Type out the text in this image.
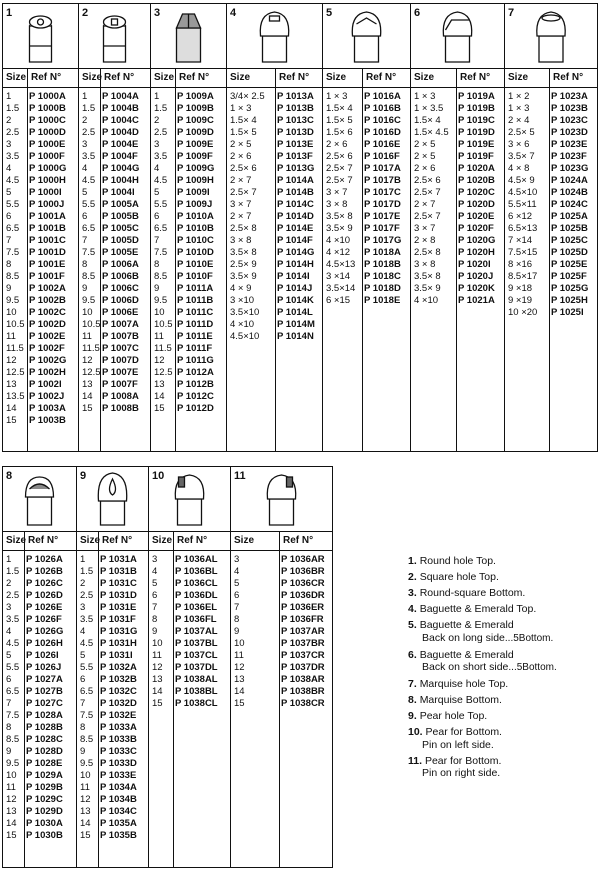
1
Size Ref N°
1 P 1000A
1.5 P 1000B
2 P 1000C
2.5 P 1000D
3 P 1000E
3.5 P 1000F
4 P 1000G
4.5 P 1000H
5 P 1000I
5.5 P 1000J
6 P 1001A
6.5 P 1001B
7 P 1001C
7.5 P 1001D
8 P 1001E
8.5 P 1001F
9 P 1002A
9.5 P 1002B
10 P 1002C
10.5 P 1002D
11 P 1002E
11.5 P 1002F
12 P 1002G
12.5 P 1002H
13 P 1002I
13.5 P 1002J
14 P 1003A
15 P 1003B
2
Size Ref N°
1 P 1004A
1.5 P 1004B
2 P 1004C
2.5 P 1004D
3 P 1004E
3.5 P 1004F
4 P 1004G
4.5 P 1004H
5 P 1004I
5.5 P 1005A
6 P 1005B
6.5 P 1005C
7 P 1005D
7.5 P 1005E
8 P 1006A
8.5 P 1006B
9 P 1006C
9.5 P 1006D
10 P 1006E
10.5 P 1007A
11 P 1007B
11.5 P 1007C
12 P 1007D
12.5 P 1007E
13 P 1007F
14 P 1008A
15 P 1008B
3
Size Ref N°
1 P 1009A
1.5 P 1009B
2 P 1009C
2.5 P 1009D
3 P 1009E
3.5 P 1009F
4 P 1009G
4.5 P 1009H
5 P 1009I
5.5 P 1009J
6 P 1010A
6.5 P 1010B
7 P 1010C
7.5 P 1010D
8 P 1010E
8.5 P 1010F
9 P 1011A
9.5 P 1011B
10 P 1011C
10.5 P 1011D
11 P 1011E
11.5 P 1011F
12 P 1011G
12.5 P 1012A
13 P 1012B
14 P 1012C
15 P 1012D
4
Size	Ref N°
3/4× 2.5 P 1013A
1 × 3	P 1013B
1.5× 4 P 1013C
1.5× 5 P 1013D
2 × 5	P 1013E
2 × 6	P 1013F
2.5× 6 P 1013G
2 × 7	P 1014A
2.5× 7 P 1014B
3 × 7	P 1014C
2 × 7	P 1014D
2.5× 8 P 1014E
3 × 8	P 1014F
3.5× 8 P 1014G
2.5× 9 P 1014H
3.5× 9 P 1014I
4 × 9	P 1014J
3 ×10 P 1014K
3.5×10 P 1014L
4 ×10 P 1014M
4.5×10 P 1014N
5
Size Ref N°
1 × 3 P 1016A
1.5× 4 P 1016B
1.5× 5 P 1016C
1.5× 6 P 1016D
2 × 6 P 1016E
2.5× 6 P 1016F
2.5× 7 P 1017A
2.5× 7 P 1017B
3 × 7 P 1017C
3 × 8 P 1017D
3.5× 8 P 1017E
3.5× 9 P 1017F
4 ×10 P 1017G
4 ×12 P 1018A
4.5×13 P 1018B
3 ×14 P 1018C
3.5×14 P 1018D
6 ×15 P 1018E
6
Size	Ref N°
1 × 3 P 1019A
1 × 3.5 P 1019B
1.5× 4 P 1019C
1.5× 4.5 P 1019D
2 × 5 P 1019E
2 × 5 P 1019F
2 × 6 P 1020A
2.5× 6 P 1020B
2.5× 7 P 1020C
2 × 7 P 1020D
2.5× 7 P 1020E
3 × 7 P 1020F
2 × 8 P 1020G
2.5× 8 P 1020H
3 × 8 P 1020I
3.5× 8 P 1020J
3.5× 9 P 1020K
4 ×10 P 1021A
7
Size Ref N°
1 × 2 P 1023A
1 × 3 P 1023B
2 × 4 P 1023C
2.5× 5 P 1023D
3 × 6 P 1023E
3.5× 7 P 1023F
4 × 8 P 1023G
4.5× 9 P 1024A
4.5×10 P 1024B
5.5×11 P 1024C
6 ×12 P 1025A
6.5×13 P 1025B
7 ×14 P 1025C
7.5×15 P 1025D
8 ×16 P 1025E
8.5×17 P 1025F
9 ×18 P 1025G
9 ×19 P 1025H
10 ×20 P 1025I
8
Size Ref N°
1 P 1026A
1.5 P 1026B
2 P 1026C
2.5 P 1026D
3 P 1026E
3.5 P 1026F
4 P 1026G
4.5 P 1026H
5 P 1026I
5.5 P 1026J
6 P 1027A
6.5 P 1027B
7 P 1027C
7.5 P 1028A
8 P 1028B
8.5 P 1028C
9 P 1028D
9.5 P 1028E
10 P 1029A
11 P 1029B
12 P 1029C
13 P 1029D
14 P 1030A
15 P 1030B
9
Size Ref N°
1 P 1031A
1.5 P 1031B
2 P 1031C
2.5 P 1031D
3 P 1031E
3.5 P 1031F
4 P 1031G
4.5 P 1031H
5 P 1031I
5.5 P 1032A
6 P 1032B
6.5 P 1032C
7 P 1032D
7.5 P 1032E
8 P 1033A
8.5 P 1033B
9 P 1033C
9.5 P 1033D
10 P 1033E
11 P 1034A
12 P 1034B
13 P 1034C
14 P 1035A
15 P 1035B
10
Size Ref N°
3 P 1036AL
4 P 1036BL
5 P 1036CL
6 P 1036DL
7 P 1036EL
8 P 1036FL
9 P 1037AL
10 P 1037BL
11 P 1037CL
12 P 1037DL
13 P 1038AL
14 P 1038BL
15 P 1038CL
11
Size	Ref N°
3	P 1036AR
4	P 1036BR
5	P 1036CR
6	P 1036DR
7	P 1036ER
8	P 1036FR
9	P 1037AR
10	P 1037BR
11	P 1037CR
12	P 1037DR
13	P 1038AR
14	P 1038BR
15	P 1038CR
1. Round hole Top.
2. Square hole Top.
3. Round-square Bottom.
4. Baguette & Emerald Top.
5. Baguette & Emerald
Back on long side...5Bottom.
6. Baguette & Emerald
Back on short side...5Bottom.
7. Marquise hole Top.
8. Marquise Bottom.
9. Pear hole Top.
10. Pear for Bottom.
Pin on left side.
11. Pear for Bottom.
Pin on right side.
